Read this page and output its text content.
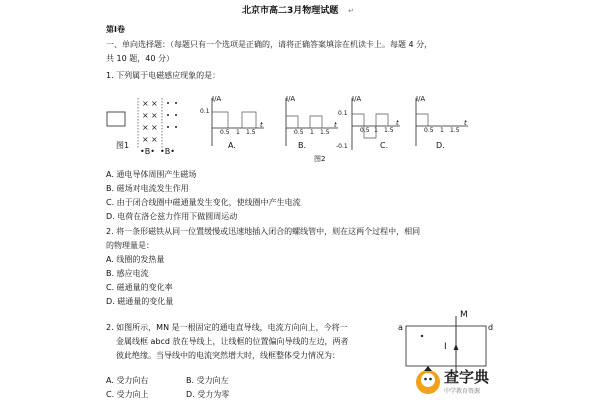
北京市高二3月物理试题 ↵
第Ⅰ卷
一、单向选择题：（每题只有一个选项是正确的，请将正确答案填涂在机读卡上。每题 4 分，
共 10 题，40 分）
1. 下列属于电磁感应现象的是：
× ×
× ×
× ×
× ×
图1
•B• •B•
I/A
0.1
0.5 1 1.5
t
A.
I/A
0.5 1 1.5
t
B.
I/A
0.1
-0.1
0.5 1 1.5
t
C.
I/A
0.5 1 1.5
t
D.
图2
A. 通电导体周围产生磁场
B. 磁场对电流发生作用
C. 由于闭合线圈中磁通量发生变化，使线圈中产生电流
D. 电荷在洛仑兹力作用下做圆周运动
2. 将一条形磁铁从同一位置缓慢或迅速地插入闭合的螺线管中，则在这两个过程中，相同
的物理量是：
A. 线圈的发热量
B. 感应电流
C. 磁通量的变化率
D. 磁通量的变化量
2. 如图所示，MN 是一根固定的通电直导线，电流方向向上，今将一
金属线框 abcd 放在导线上，让线框的位置偏向导线的左边，两者
彼此绝缘。当导线中的电流突然增大时，线框整体受力情况为：
A. 受力向右	B. 受力向左
C. 受力向上	D. 受力为零
M
a	d
I
查字典
中学教育资源
